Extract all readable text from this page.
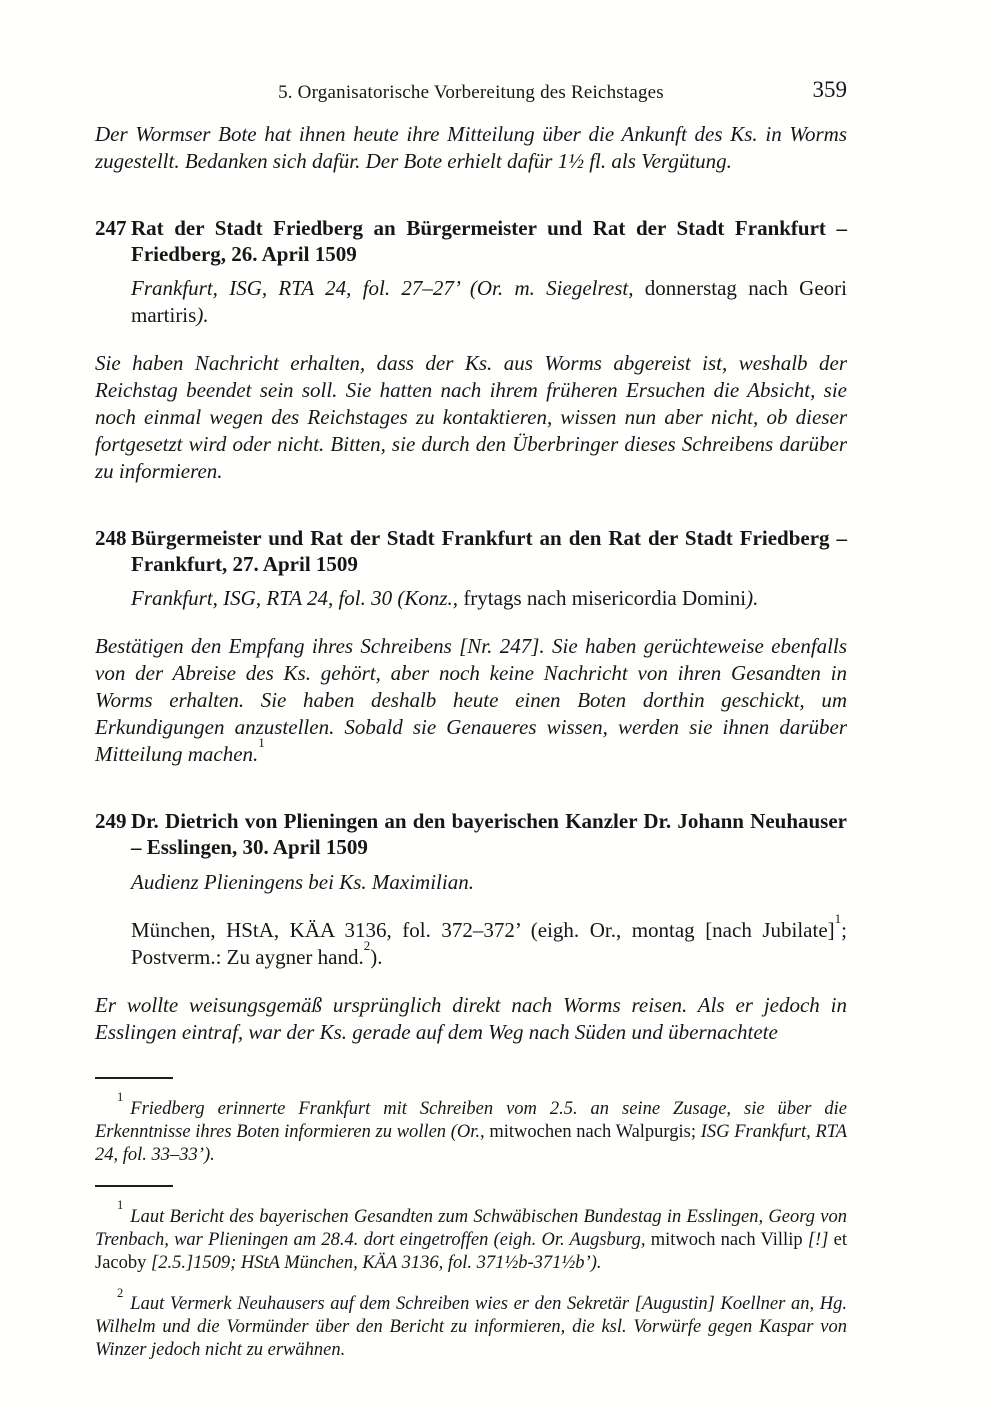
5. Organisatorische Vorbereitung des Reichstages	359

Der Wormser Bote hat ihnen heute ihre Mitteilung über die Ankunft des Ks. in Worms zugestellt. Bedanken sich dafür. Der Bote erhielt dafür 1½ fl. als Vergütung.

247 Rat der Stadt Friedberg an Bürgermeister und Rat der Stadt Frankfurt – Friedberg, 26. April 1509

Frankfurt, ISG, RTA 24, fol. 27–27’ (Or. m. Siegelrest, donnerstag nach Geori martiris).

Sie haben Nachricht erhalten, dass der Ks. aus Worms abgereist ist, weshalb der Reichstag beendet sein soll. Sie hatten nach ihrem früheren Ersuchen die Absicht, sie noch einmal wegen des Reichstages zu kontaktieren, wissen nun aber nicht, ob dieser fortgesetzt wird oder nicht. Bitten, sie durch den Überbringer dieses Schreibens darüber zu informieren.

248 Bürgermeister und Rat der Stadt Frankfurt an den Rat der Stadt Friedberg – Frankfurt, 27. April 1509

Frankfurt, ISG, RTA 24, fol. 30 (Konz., frytags nach misericordia Domini).

Bestätigen den Empfang ihres Schreibens [Nr. 247]. Sie haben gerüchteweise ebenfalls von der Abreise des Ks. gehört, aber noch keine Nachricht von ihren Gesandten in Worms erhalten. Sie haben deshalb heute einen Boten dorthin geschickt, um Erkundigungen anzustellen. Sobald sie Genaueres wissen, werden sie ihnen darüber Mitteilung machen.$^1$

249 Dr. Dietrich von Plieningen an den bayerischen Kanzler Dr. Johann Neuhauser – Esslingen, 30. April 1509

Audienz Plieningens bei Ks. Maximilian.

München, HStA, KÄA 3136, fol. 372–372’ (eigh. Or., montag [nach Jubilate]$^1$; Postverm.: Zu aygner hand.$^2$).

Er wollte weisungsgemäß ursprünglich direkt nach Worms reisen. Als er jedoch in Esslingen eintraf, war der Ks. gerade auf dem Weg nach Süden und übernachtete

$^1$Friedberg erinnerte Frankfurt mit Schreiben vom 2.5. an seine Zusage, sie über die Erkenntnisse ihres Boten informieren zu wollen (Or., mitwochen nach Walpurgis; ISG Frankfurt, RTA 24, fol. 33–33’).

$^1$Laut Bericht des bayerischen Gesandten zum Schwäbischen Bundestag in Esslingen, Georg von Trenbach, war Plieningen am 28.4. dort eingetroffen (eigh. Or. Augsburg, mitwoch nach Villip [!] et Jacoby [2.5.]1509; HStA München, KÄA 3136, fol. 371½b-371½b’).

$^2$Laut Vermerk Neuhausers auf dem Schreiben wies er den Sekretär [Augustin] Koellner an, Hg. Wilhelm und die Vormünder über den Bericht zu informieren, die ksl. Vorwürfe gegen Kaspar von Winzer jedoch nicht zu erwähnen.
